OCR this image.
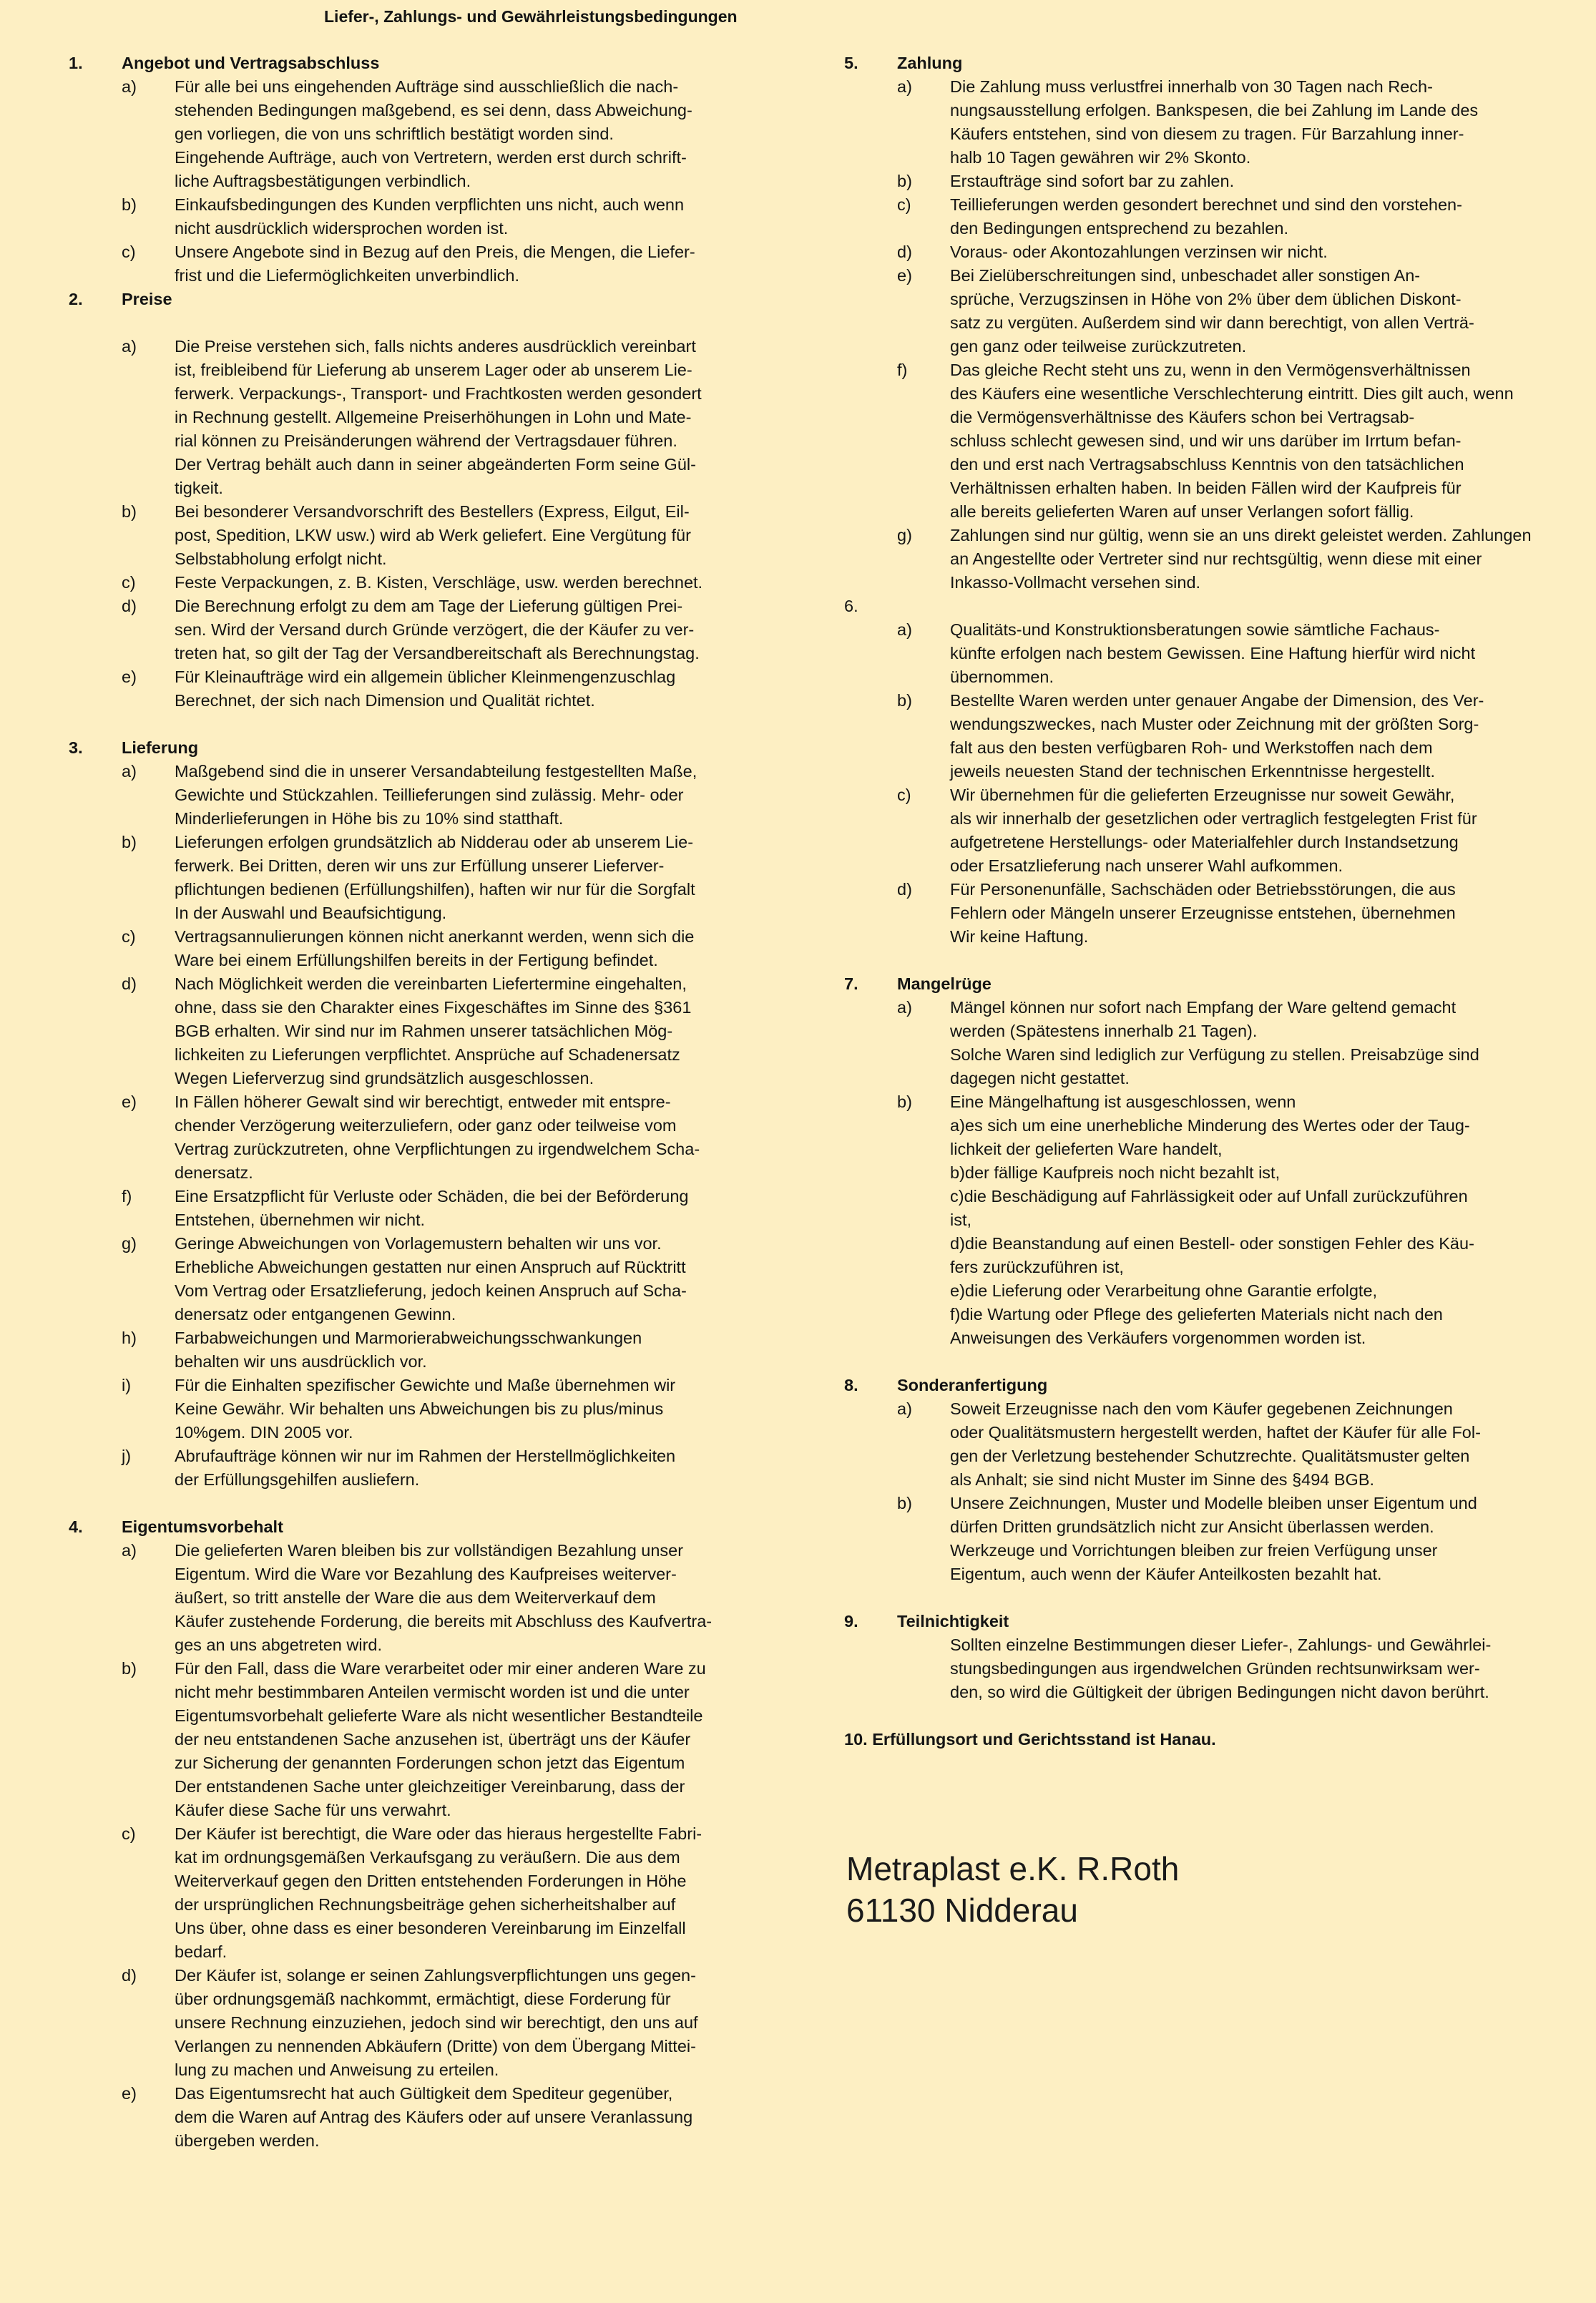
Liefer-, Zahlungs- und Gewährleistungsbedingungen
1.	Angebot und Vertragsabschluss
a)	Für alle bei uns eingehenden Aufträge sind ausschließlich die nach-
stehenden Bedingungen maßgebend, es sei denn, dass Abweichung-
gen vorliegen, die von uns schriftlich bestätigt worden sind.
Eingehende Aufträge, auch von Vertretern, werden erst durch schrift-
liche Auftragsbestätigungen verbindlich.
b)	Einkaufsbedingungen des Kunden verpflichten uns nicht, auch wenn
nicht ausdrücklich widersprochen worden ist.
c)	Unsere Angebote sind in Bezug auf den Preis, die Mengen, die Liefer-
frist und die Liefermöglichkeiten unverbindlich.
2.	Preise
a)	Die Preise verstehen sich, falls nichts anderes ausdrücklich vereinbart
ist, freibleibend für Lieferung ab unserem Lager oder ab unserem Lie-
ferwerk. Verpackungs-, Transport- und Frachtkosten werden gesondert
in Rechnung gestellt. Allgemeine Preiserhöhungen in Lohn und Mate-
rial können zu Preisänderungen während der Vertragsdauer führen.
Der Vertrag behält auch dann in seiner abgeänderten Form seine Gül-
tigkeit.
b)	Bei besonderer Versandvorschrift des Bestellers (Express, Eilgut, Eil-
post, Spedition, LKW usw.) wird ab Werk geliefert. Eine Vergütung für
Selbstabholung erfolgt nicht.
c)	Feste Verpackungen, z. B. Kisten, Verschläge, usw. werden berechnet.
d)	Die Berechnung erfolgt zu dem am Tage der Lieferung gültigen Prei-
sen. Wird der Versand durch Gründe verzögert, die der Käufer zu ver-
treten hat, so gilt der Tag der Versandbereitschaft als Berechnungstag.
e)	Für Kleinaufträge wird ein allgemein üblicher Kleinmengenzuschlag
Berechnet, der sich nach Dimension und Qualität richtet.
3.	Lieferung
a)	Maßgebend sind die in unserer Versandabteilung festgestellten Maße,
Gewichte und Stückzahlen. Teillieferungen sind zulässig. Mehr- oder
Minderlieferungen in Höhe bis zu 10% sind statthaft.
b)	Lieferungen erfolgen grundsätzlich ab Nidderau oder ab unserem Lie-
ferwerk. Bei Dritten, deren wir uns zur Erfüllung unserer Lieferver-
pflichtungen bedienen (Erfüllungshilfen), haften wir nur für die Sorgfalt
In der Auswahl und Beaufsichtigung.
c)	Vertragsannulierungen können nicht anerkannt werden, wenn sich die
Ware bei einem Erfüllungshilfen bereits in der Fertigung befindet.
d)	Nach Möglichkeit werden die vereinbarten Liefertermine eingehalten,
ohne, dass sie den Charakter eines Fixgeschäftes im Sinne des §361
BGB erhalten. Wir sind nur im Rahmen unserer tatsächlichen Mög-
lichkeiten zu Lieferungen verpflichtet. Ansprüche auf Schadenersatz
Wegen Lieferverzug sind grundsätzlich ausgeschlossen.
e)	In Fällen höherer Gewalt sind wir berechtigt, entweder mit entspre-
chender Verzögerung weiterzuliefern, oder ganz oder teilweise vom
Vertrag zurückzutreten, ohne Verpflichtungen zu irgendwelchem Scha-
denersatz.
f)	Eine Ersatzpflicht für Verluste oder Schäden, die bei der Beförderung
Entstehen, übernehmen wir nicht.
g)	Geringe Abweichungen von Vorlagemustern behalten wir uns vor.
Erhebliche Abweichungen gestatten nur einen Anspruch auf Rücktritt
Vom Vertrag oder Ersatzlieferung, jedoch keinen Anspruch auf Scha-
denersatz oder entgangenen Gewinn.
h)	Farbabweichungen und Marmorierabweichungsschwankungen
behalten wir uns ausdrücklich vor.
i)	Für die Einhalten spezifischer Gewichte und Maße übernehmen wir
Keine Gewähr. Wir behalten uns Abweichungen bis zu plus/minus
10%gem. DIN 2005 vor.
j)	Abrufaufträge können wir nur im Rahmen der Herstellmöglichkeiten
der Erfüllungsgehilfen ausliefern.
4.	Eigentumsvorbehalt
a)	Die gelieferten Waren bleiben bis zur vollständigen Bezahlung unser
Eigentum. Wird die Ware vor Bezahlung des Kaufpreises weiterver-
äußert, so tritt anstelle der Ware die aus dem Weiterverkauf dem
Käufer zustehende Forderung, die bereits mit Abschluss des Kaufvertra-
ges an uns abgetreten wird.
b)	Für den Fall, dass die Ware verarbeitet oder mir einer anderen Ware zu
nicht mehr bestimmbaren Anteilen vermischt worden ist und die unter
Eigentumsvorbehalt gelieferte Ware als nicht wesentlicher Bestandteile
der neu entstandenen Sache anzusehen ist, überträgt uns der Käufer
zur Sicherung der genannten Forderungen schon jetzt das Eigentum
Der entstandenen Sache unter gleichzeitiger Vereinbarung, dass der
Käufer diese Sache für uns verwahrt.
c)	Der Käufer ist berechtigt, die Ware oder das hieraus hergestellte Fabri-
kat im ordnungsgemäßen Verkaufsgang zu veräußern. Die aus dem
Weiterverkauf gegen den Dritten entstehenden Forderungen in Höhe
der ursprünglichen Rechnungsbeiträge gehen sicherheitshalber auf
Uns über, ohne dass es einer besonderen Vereinbarung im Einzelfall
bedarf.
d)	Der Käufer ist, solange er seinen Zahlungsverpflichtungen uns gegen-
über ordnungsgemäß nachkommt, ermächtigt, diese Forderung für
unsere Rechnung einzuziehen, jedoch sind wir berechtigt, den uns auf
Verlangen zu nennenden Abkäufern (Dritte) von dem Übergang Mittei-
lung zu machen und Anweisung zu erteilen.
e)	Das Eigentumsrecht hat auch Gültigkeit dem Spediteur gegenüber,
dem die Waren auf Antrag des Käufers oder auf unsere Veranlassung
übergeben werden.
5.	Zahlung
a)	Die Zahlung muss verlustfrei innerhalb von 30 Tagen nach Rech-
nungsausstellung erfolgen. Bankspesen, die bei Zahlung im Lande des
Käufers entstehen, sind von diesem zu tragen. Für Barzahlung inner-
halb 10 Tagen gewähren wir 2% Skonto.
b)	Erstaufträge sind sofort bar zu zahlen.
c)	Teillieferungen werden gesondert berechnet und sind den vorstehen-
den Bedingungen entsprechend zu bezahlen.
d)	Voraus- oder Akontozahlungen verzinsen wir nicht.
e)	Bei Zielüberschreitungen sind, unbeschadet aller sonstigen An-
sprüche, Verzugszinsen in Höhe von 2% über dem üblichen Diskont-
satz zu vergüten. Außerdem sind wir dann berechtigt, von allen Verträ-
gen ganz oder teilweise zurückzutreten.
f)	Das gleiche Recht steht uns zu, wenn in den Vermögensverhältnissen
des Käufers eine wesentliche Verschlechterung eintritt. Dies gilt auch, wenn
die Vermögensverhältnisse des Käufers schon bei Vertragsab-
schluss schlecht gewesen sind, und wir uns darüber im Irrtum befan-
den und erst nach Vertragsabschluss Kenntnis von den tatsächlichen
Verhältnissen erhalten haben. In beiden Fällen wird der Kaufpreis für
alle bereits gelieferten Waren auf unser Verlangen sofort fällig.
g)	Zahlungen sind nur gültig, wenn sie an uns direkt geleistet werden. Zahlungen
an Angestellte oder Vertreter sind nur rechtsgültig, wenn diese mit einer
Inkasso-Vollmacht versehen sind.
6.
a)	Qualitäts-und Konstruktionsberatungen sowie sämtliche Fachaus-
künfte erfolgen nach bestem Gewissen. Eine Haftung hierfür wird nicht
übernommen.
b)	Bestellte Waren werden unter genauer Angabe der Dimension, des Ver-
wendungszweckes, nach Muster oder Zeichnung mit der größten Sorg-
falt aus den besten verfügbaren Roh- und Werkstoffen nach dem
jeweils neuesten Stand der technischen Erkenntnisse hergestellt.
c)	Wir übernehmen für die gelieferten Erzeugnisse nur soweit Gewähr,
als wir innerhalb der gesetzlichen oder vertraglich festgelegten Frist für
aufgetretene Herstellungs- oder Materialfehler durch Instandsetzung
oder Ersatzlieferung nach unserer Wahl aufkommen.
d)	Für Personenunfälle, Sachschäden oder Betriebsstörungen, die aus
Fehlern oder Mängeln unserer Erzeugnisse entstehen, übernehmen
Wir keine Haftung.
7.	Mangelrüge
a)	Mängel können nur sofort nach Empfang der Ware geltend gemacht
werden (Spätestens innerhalb 21 Tagen).
Solche Waren sind lediglich zur Verfügung zu stellen. Preisabzüge sind
dagegen nicht gestattet.
b)	Eine Mängelhaftung ist ausgeschlossen, wenn
a)es sich um eine unerhebliche Minderung des Wertes oder der Taug-
lichkeit der gelieferten Ware handelt,
b)der fällige Kaufpreis noch nicht bezahlt ist,
c)die Beschädigung auf Fahrlässigkeit oder auf Unfall zurückzuführen
ist,
d)die Beanstandung auf einen Bestell- oder sonstigen Fehler des Käu-
fers zurückzuführen ist,
e)die Lieferung oder Verarbeitung ohne Garantie erfolgte,
f)die Wartung oder Pflege des gelieferten Materials nicht nach den
Anweisungen des Verkäufers vorgenommen worden ist.
8.	Sonderanfertigung
a)	Soweit Erzeugnisse nach den vom Käufer gegebenen Zeichnungen
oder Qualitätsmustern hergestellt werden, haftet der Käufer für alle Fol-
gen der Verletzung bestehender Schutzrechte. Qualitätsmuster gelten
als Anhalt; sie sind nicht Muster im Sinne des §494 BGB.
b)	Unsere Zeichnungen, Muster und Modelle bleiben unser Eigentum und
dürfen Dritten grundsätzlich nicht zur Ansicht überlassen werden.
Werkzeuge und Vorrichtungen bleiben zur freien Verfügung unser
Eigentum, auch wenn der Käufer Anteilkosten bezahlt hat.
9.	Teilnichtigkeit
Sollten einzelne Bestimmungen dieser Liefer-, Zahlungs- und Gewährlei-
stungsbedingungen aus irgendwelchen Gründen rechtsunwirksam wer-
den, so wird die Gültigkeit der übrigen Bedingungen nicht davon berührt.
10. Erfüllungsort und Gerichtsstand ist Hanau.
Metraplast e.K. R.Roth
61130 Nidderau
